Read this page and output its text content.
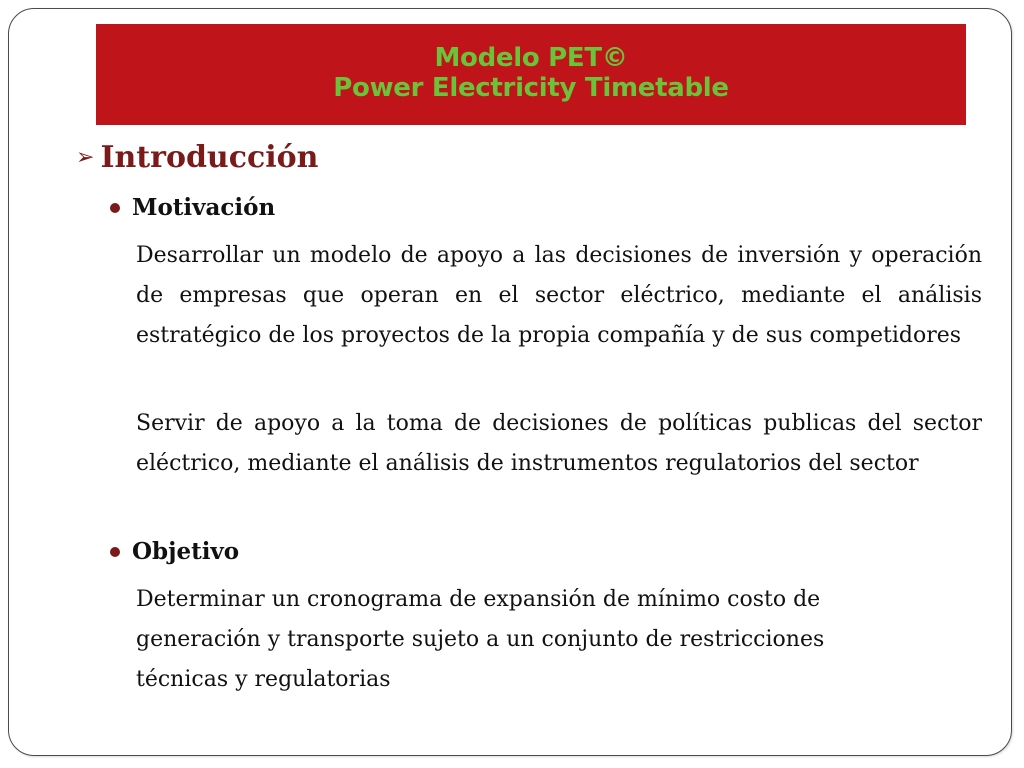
Modelo PET©
Power Electricity Timetable
➢ Introducción
Motivación
Desarrollar un modelo de apoyo a las decisiones de inversión y operación de empresas que operan en el sector eléctrico, mediante el análisis estratégico de los proyectos de la propia compañía y de sus competidores
Servir de apoyo a la toma de decisiones de políticas publicas del sector eléctrico, mediante el análisis de instrumentos regulatorios del sector
Objetivo
Determinar un cronograma de expansión de mínimo costo de generación y transporte sujeto a un conjunto de restricciones técnicas y regulatorias
